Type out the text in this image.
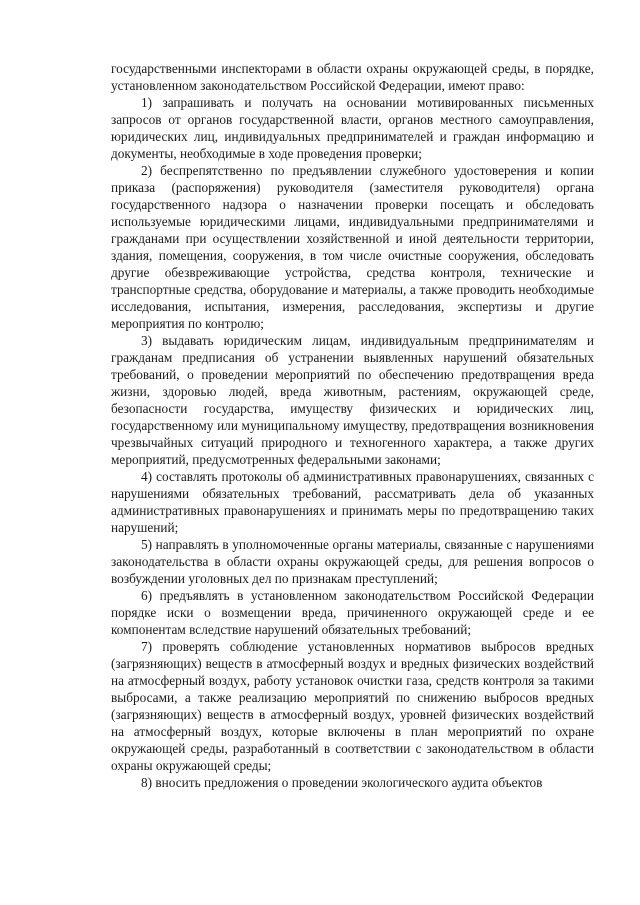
государственными инспекторами в области охраны окружающей среды, в порядке, установленном законодательством Российской Федерации, имеют право:

1) запрашивать и получать на основании мотивированных письменных запросов от органов государственной власти, органов местного самоуправления, юридических лиц, индивидуальных предпринимателей и граждан информацию и документы, необходимые в ходе проведения проверки;

2) беспрепятственно по предъявлении служебного удостоверения и копии приказа (распоряжения) руководителя (заместителя руководителя) органа государственного надзора о назначении проверки посещать и обследовать используемые юридическими лицами, индивидуальными предпринимателями и гражданами при осуществлении хозяйственной и иной деятельности территории, здания, помещения, сооружения, в том числе очистные сооружения, обследовать другие обезвреживающие устройства, средства контроля, технические и транспортные средства, оборудование и материалы, а также проводить необходимые исследования, испытания, измерения, расследования, экспертизы и другие мероприятия по контролю;

3) выдавать юридическим лицам, индивидуальным предпринимателям и гражданам предписания об устранении выявленных нарушений обязательных требований, о проведении мероприятий по обеспечению предотвращения вреда жизни, здоровью людей, вреда животным, растениям, окружающей среде, безопасности государства, имуществу физических и юридических лиц, государственному или муниципальному имуществу, предотвращения возникновения чрезвычайных ситуаций природного и техногенного характера, а также других мероприятий, предусмотренных федеральными законами;

4) составлять протоколы об административных правонарушениях, связанных с нарушениями обязательных требований, рассматривать дела об указанных административных правонарушениях и принимать меры по предотвращению таких нарушений;

5) направлять в уполномоченные органы материалы, связанные с нарушениями законодательства в области охраны окружающей среды, для решения вопросов о возбуждении уголовных дел по признакам преступлений;

6) предъявлять в установленном законодательством Российской Федерации порядке иски о возмещении вреда, причиненного окружающей среде и ее компонентам вследствие нарушений обязательных требований;

7) проверять соблюдение установленных нормативов выбросов вредных (загрязняющих) веществ в атмосферный воздух и вредных физических воздействий на атмосферный воздух, работу установок очистки газа, средств контроля за такими выбросами, а также реализацию мероприятий по снижению выбросов вредных (загрязняющих) веществ в атмосферный воздух, уровней физических воздействий на атмосферный воздух, которые включены в план мероприятий по охране окружающей среды, разработанный в соответствии с законодательством в области охраны окружающей среды;

8) вносить предложения о проведении экологического аудита объектов
